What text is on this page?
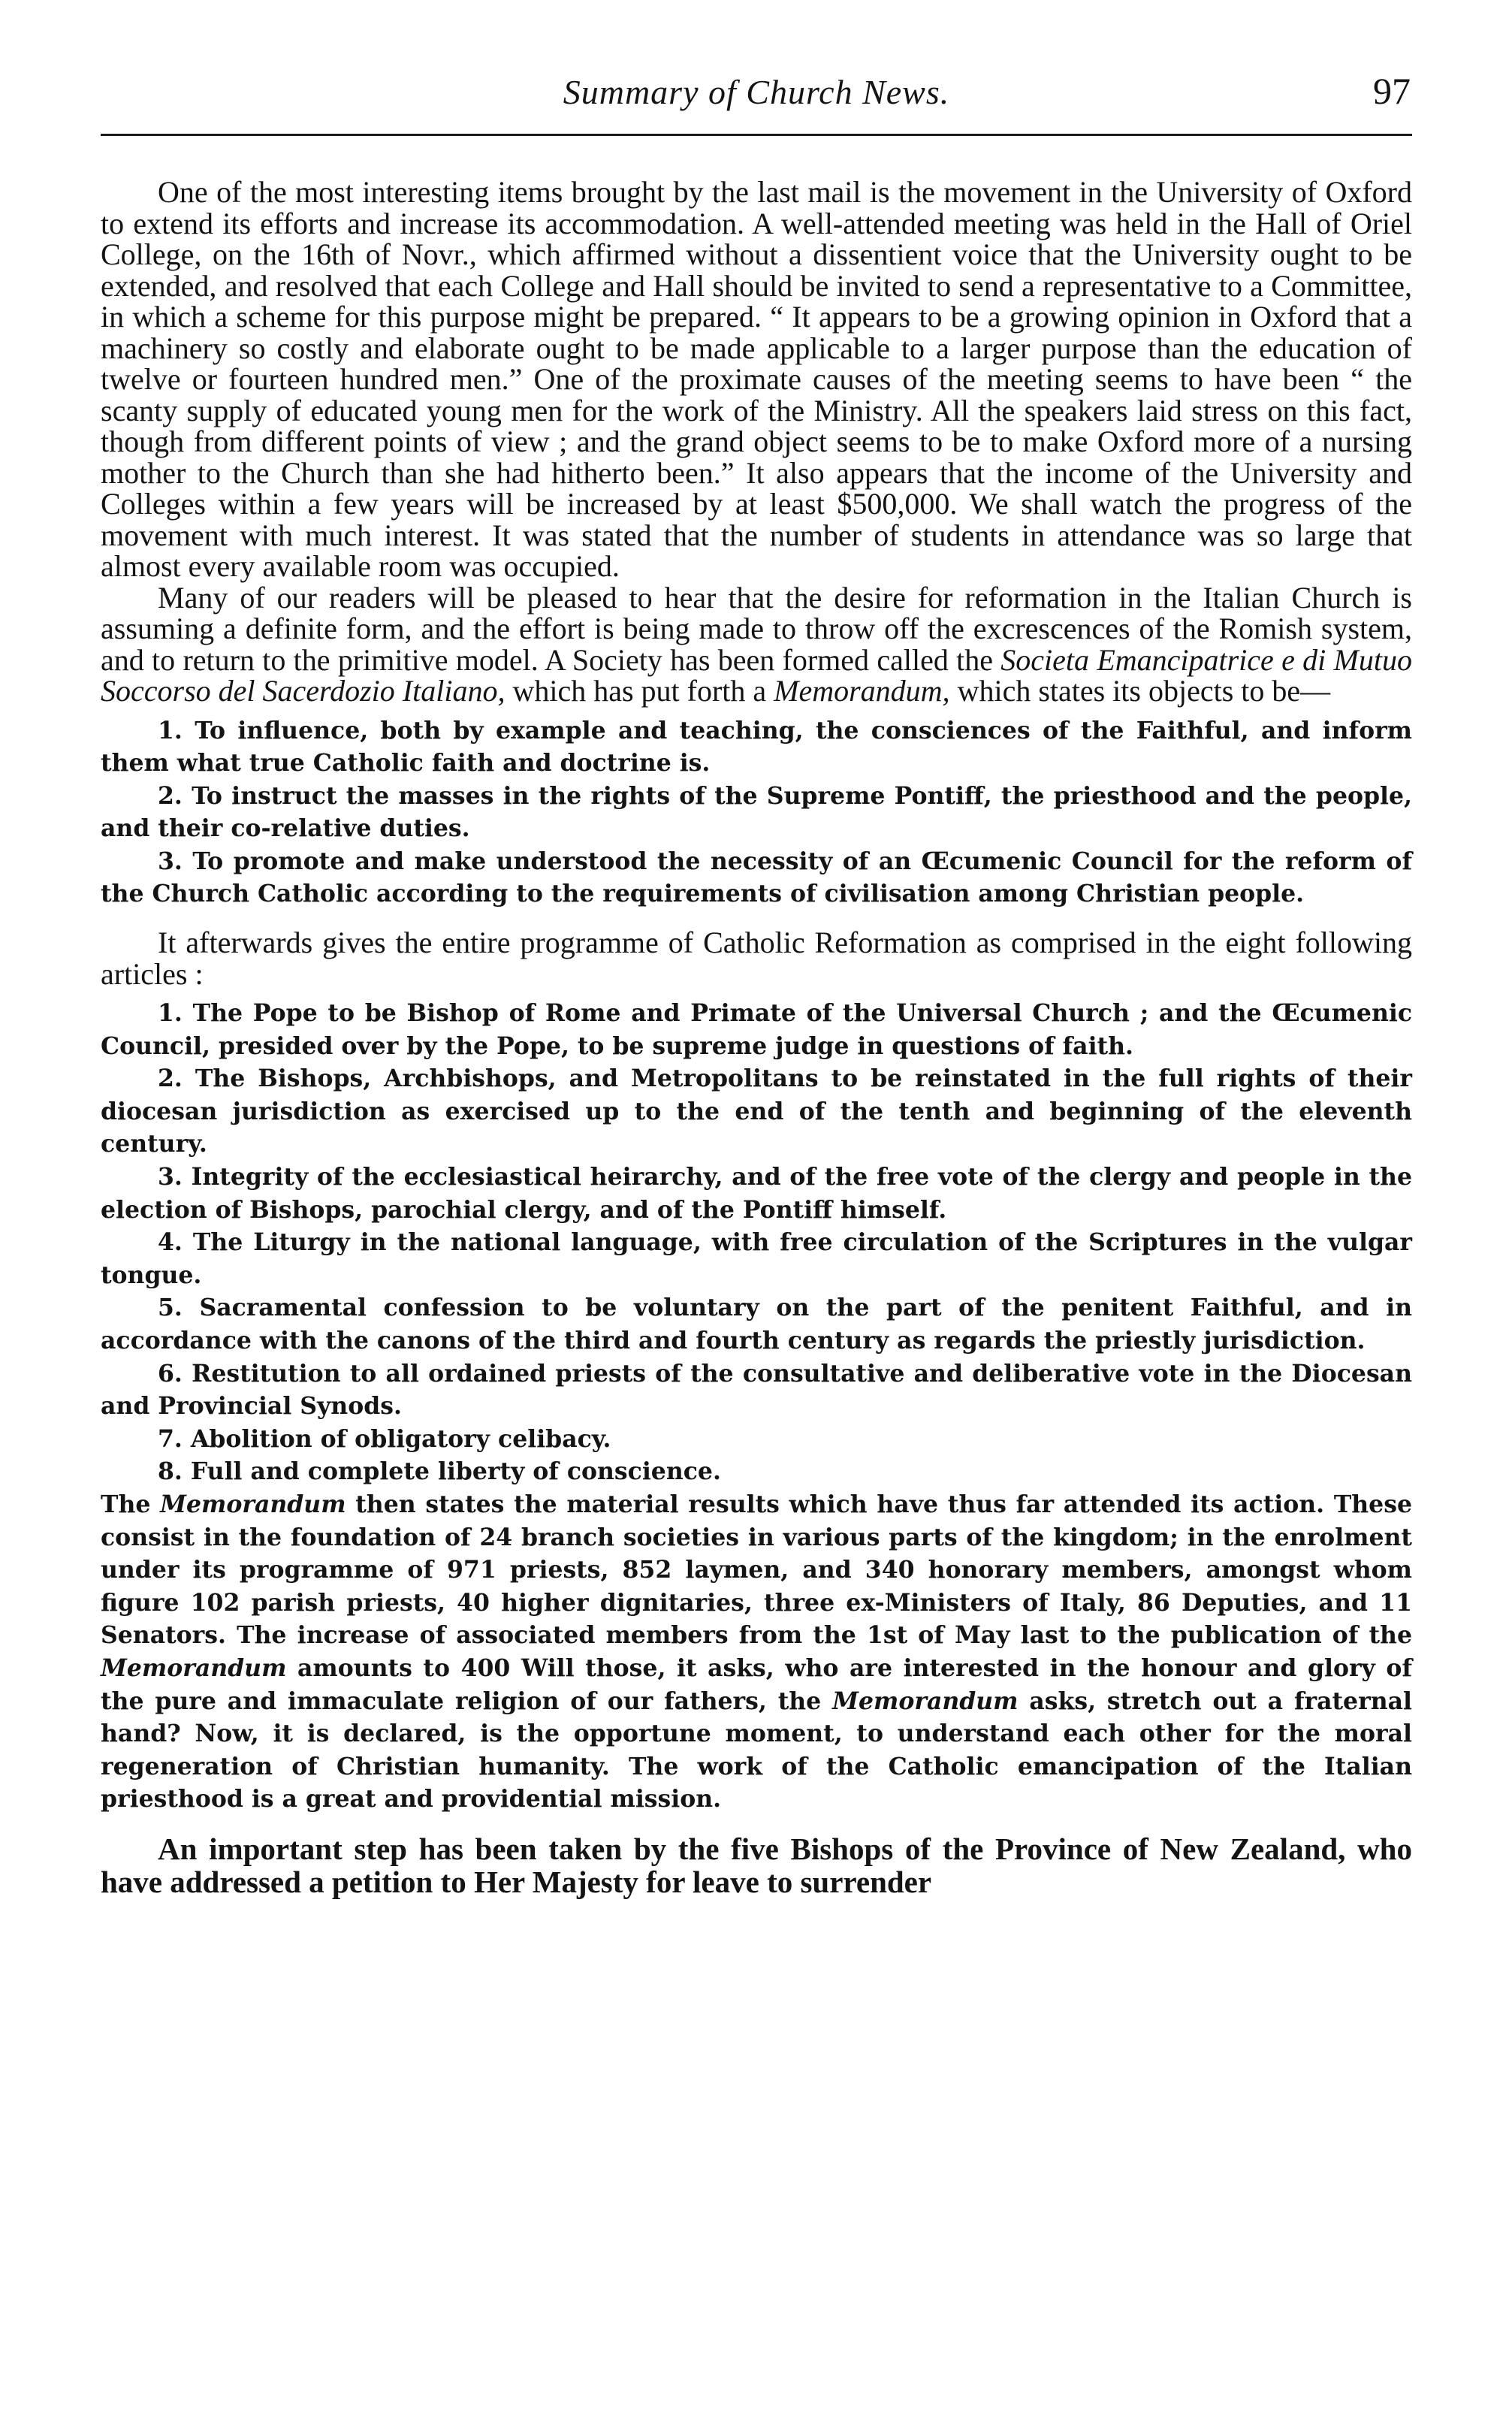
Summary of Church News.	97

One of the most interesting items brought by the last mail is the movement in the University of Oxford to extend its efforts and increase its accommodation. A well-attended meeting was held in the Hall of Oriel College, on the 16th of Novr., which affirmed without a dissentient voice that the University ought to be extended, and resolved that each College and Hall should be invited to send a representative to a Committee, in which a scheme for this purpose might be prepared. “ It appears to be a growing opinion in Oxford that a machinery so costly and elaborate ought to be made applicable to a larger purpose than the education of twelve or fourteen hundred men.” One of the proximate causes of the meeting seems to have been “ the scanty supply of educated young men for the work of the Ministry. All the speakers laid stress on this fact, though from different points of view ; and the grand object seems to be to make Oxford more of a nursing mother to the Church than she had hitherto been.” It also appears that the income of the University and Colleges within a few years will be increased by at least $500,000. We shall watch the progress of the movement with much interest. It was stated that the number of students in attendance was so large that almost every available room was occupied.

Many of our readers will be pleased to hear that the desire for reformation in the Italian Church is assuming a definite form, and the effort is being made to throw off the excrescences of the Romish system, and to return to the primitive model. A Society has been formed called the Societa Emancipatrice e di Mutuo Soccorso del Sacerdozio Italiano, which has put forth a Memorandum, which states its objects to be—

1. To influence, both by example and teaching, the consciences of the Faithful, and inform them what true Catholic faith and doctrine is.

2. To instruct the masses in the rights of the Supreme Pontiff, the priesthood and the people, and their co-relative duties.

3. To promote and make understood the necessity of an Œcumenic Council for the reform of the Church Catholic according to the requirements of civilisation among Christian people.

It afterwards gives the entire programme of Catholic Reformation as comprised in the eight following articles :

1. The Pope to be Bishop of Rome and Primate of the Universal Church ; and the Œcumenic Council, presided over by the Pope, to be supreme judge in questions of faith.

2. The Bishops, Archbishops, and Metropolitans to be reinstated in the full rights of their diocesan jurisdiction as exercised up to the end of the tenth and beginning of the eleventh century.

3. Integrity of the ecclesiastical heirarchy, and of the free vote of the clergy and people in the election of Bishops, parochial clergy, and of the Pontiff himself.

4. The Liturgy in the national language, with free circulation of the Scriptures in the vulgar tongue.

5. Sacramental confession to be voluntary on the part of the penitent Faithful, and in accordance with the canons of the third and fourth century as regards the priestly jurisdiction.

6. Restitution to all ordained priests of the consultative and deliberative vote in the Diocesan and Provincial Synods.

7. Abolition of obligatory celibacy.

8. Full and complete liberty of conscience.

The Memorandum then states the material results which have thus far attended its action. These consist in the foundation of 24 branch societies in various parts of the kingdom; in the enrolment under its programme of 971 priests, 852 laymen, and 340 honorary members, amongst whom figure 102 parish priests, 40 higher dignitaries, three ex-Ministers of Italy, 86 Deputies, and 11 Senators. The increase of associated members from the 1st of May last to the publication of the Memorandum amounts to 400 Will those, it asks, who are interested in the honour and glory of the pure and immaculate religion of our fathers, the Memorandum asks, stretch out a fraternal hand? Now, it is declared, is the opportune moment, to understand each other for the moral regeneration of Christian humanity. The work of the Catholic emancipation of the Italian priesthood is a great and providential mission.

An important step has been taken by the five Bishops of the Province of New Zealand, who have addressed a petition to Her Majesty for leave to surrender
